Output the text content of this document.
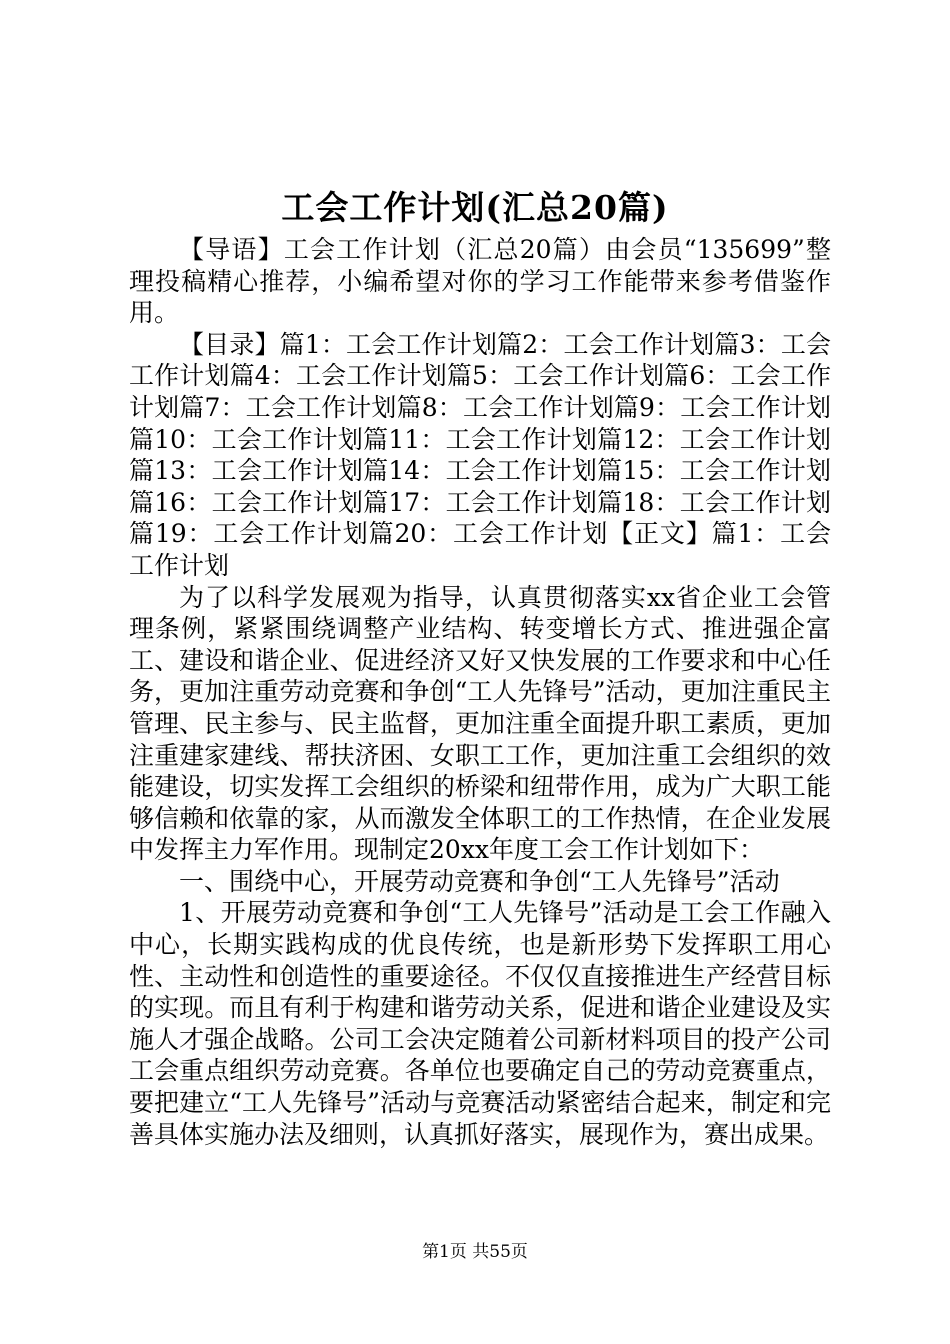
工会工作计划(汇总20篇)

【导语】工会工作计划（汇总20篇）由会员“135699”整理投稿精心推荐，小编希望对你的学习工作能带来参考借鉴作用。

【目录】篇1：工会工作计划篇2：工会工作计划篇3：工会工作计划篇4：工会工作计划篇5：工会工作计划篇6：工会工作计划篇7：工会工作计划篇8：工会工作计划篇9：工会工作计划篇10：工会工作计划篇11：工会工作计划篇12：工会工作计划篇13：工会工作计划篇14：工会工作计划篇15：工会工作计划篇16：工会工作计划篇17：工会工作计划篇18：工会工作计划篇19：工会工作计划篇20：工会工作计划【正文】篇1：工会工作计划

为了以科学发展观为指导，认真贯彻落实xx省企业工会管理条例，紧紧围绕调整产业结构、转变增长方式、推进强企富工、建设和谐企业、促进经济又好又快发展的工作要求和中心任务，更加注重劳动竞赛和争创“工人先锋号”活动，更加注重民主管理、民主参与、民主监督，更加注重全面提升职工素质，更加注重建家建线、帮扶济困、女职工工作，更加注重工会组织的效能建设，切实发挥工会组织的桥梁和纽带作用，成为广大职工能够信赖和依靠的家，从而激发全体职工的工作热情，在企业发展中发挥主力军作用。现制定20xx年度工会工作计划如下：

一、围绕中心，开展劳动竞赛和争创“工人先锋号”活动

1、开展劳动竞赛和争创“工人先锋号”活动是工会工作融入中心，长期实践构成的优良传统，也是新形势下发挥职工用心性、主动性和创造性的重要途径。不仅仅直接推进生产经营目标的实现。而且有利于构建和谐劳动关系，促进和谐企业建设及实施人才强企战略。公司工会决定随着公司新材料项目的投产公司工会重点组织劳动竞赛。各单位也要确定自己的劳动竞赛重点，要把建立“工人先锋号”活动与竞赛活动紧密结合起来，制定和完善具体实施办法及细则，认真抓好落实，展现作为，赛出成果。

第1页 共55页
